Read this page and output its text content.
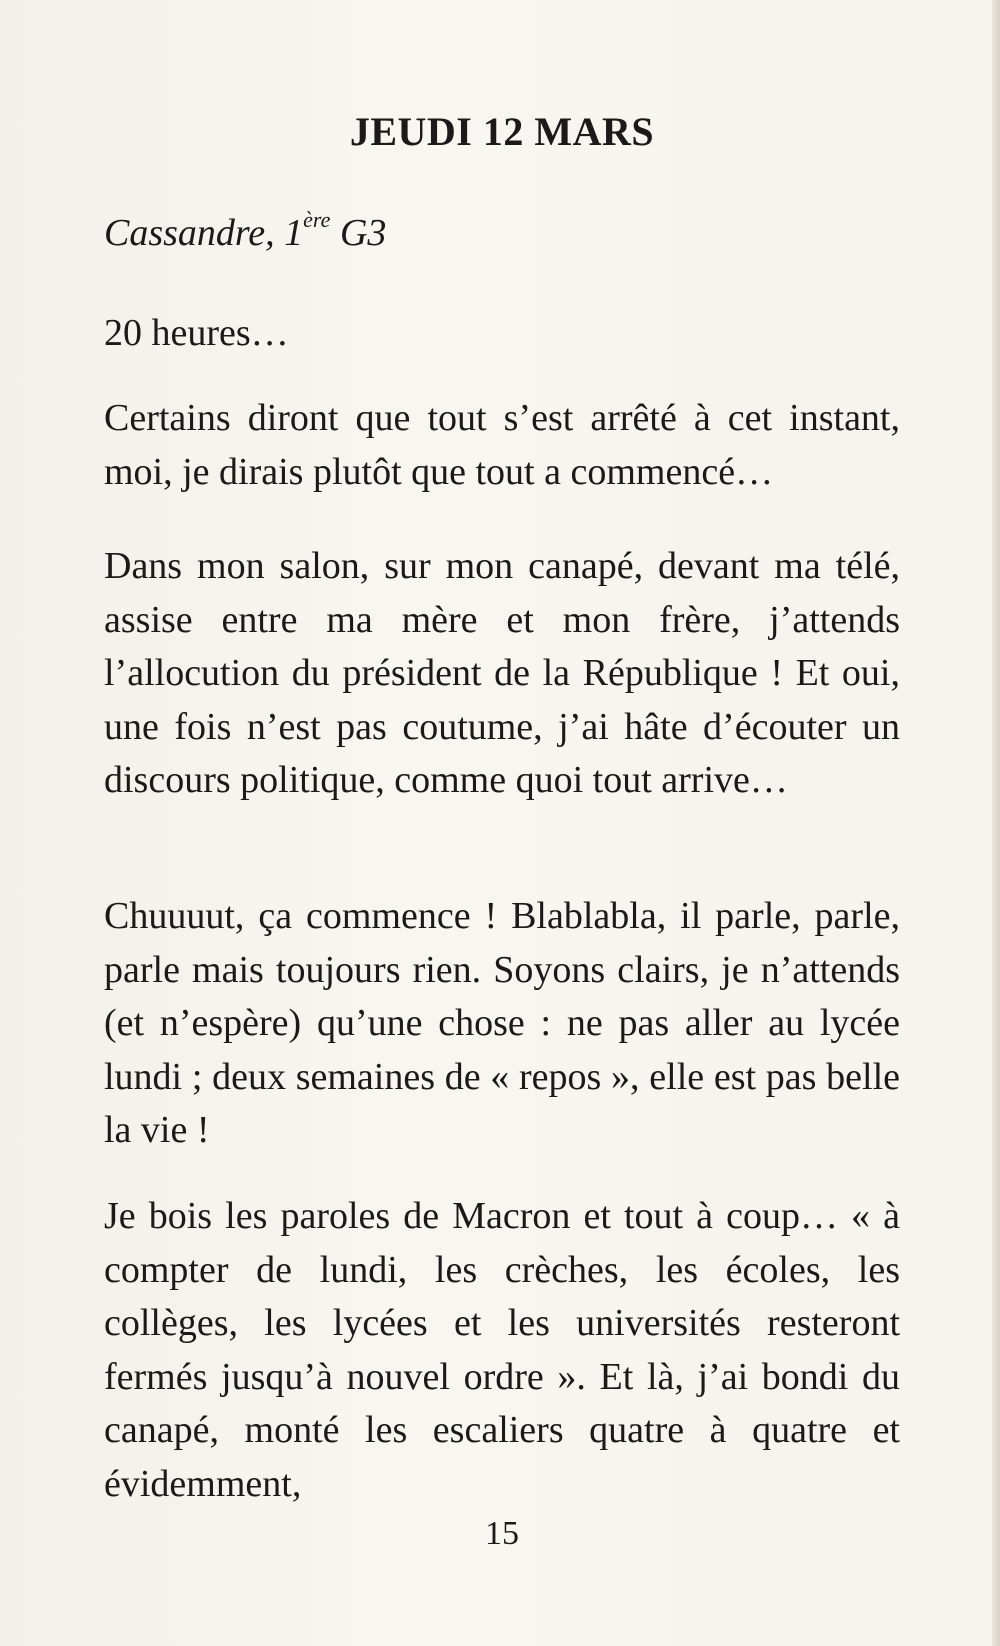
JEUDI 12 MARS

Cassandre, 1ère G3

20 heures…

Certains diront que tout s’est arrêté à cet instant, moi, je dirais plutôt que tout a commencé…

Dans mon salon, sur mon canapé, devant ma télé, assise entre ma mère et mon frère, j’attends l’allocution du président de la République ! Et oui, une fois n’est pas coutume, j’ai hâte d’écouter un discours politique, comme quoi tout arrive…

Chuuuut, ça commence ! Blablabla, il parle, parle, parle mais toujours rien. Soyons clairs, je n’attends (et n’espère) qu’une chose : ne pas aller au lycée lundi ; deux semaines de « repos », elle est pas belle la vie !

Je bois les paroles de Macron et tout à coup… « à compter de lundi, les crèches, les écoles, les collèges, les lycées et les universités resteront fermés jusqu’à nouvel ordre ». Et là, j’ai bondi du canapé, monté les escaliers quatre à quatre et évidemment,

15
